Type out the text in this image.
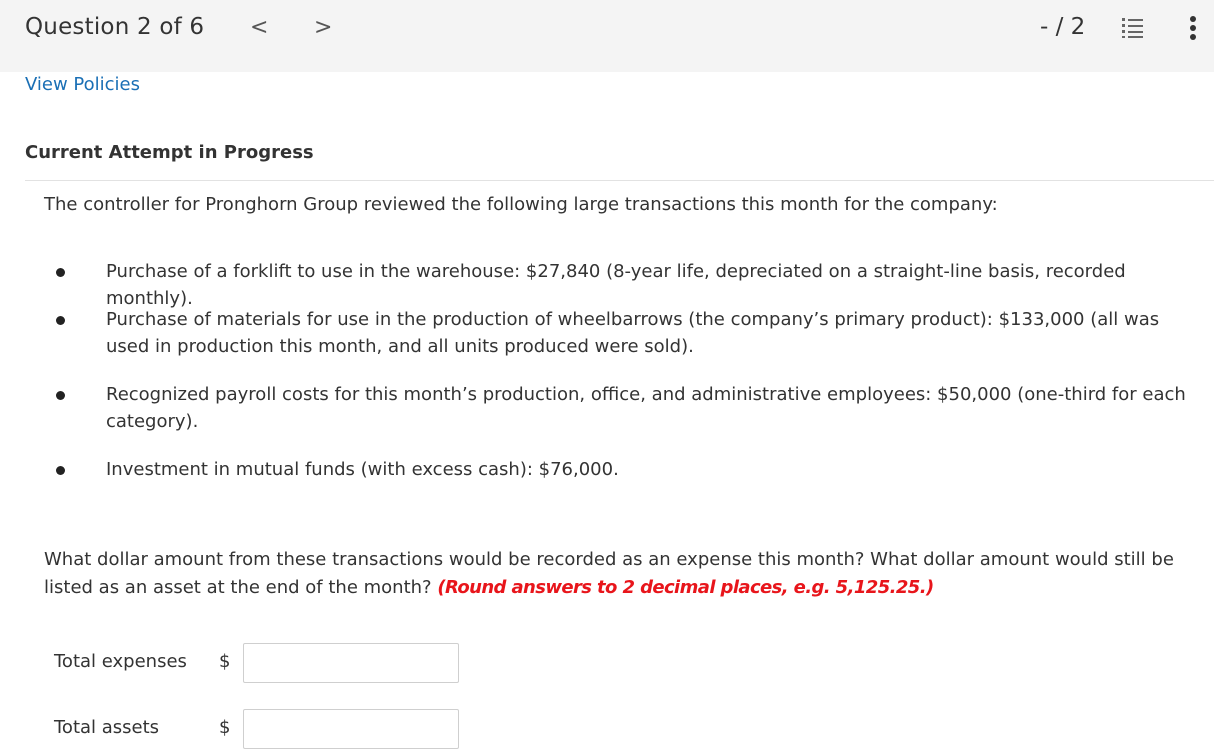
Question 2 of 6 < >	- / 2
View Policies
Current Attempt in Progress

The controller for Pronghorn Group reviewed the following large transactions this month for the company:

Purchase of a forklift to use in the warehouse: $27,840 (8-year life, depreciated on a straight-line basis, recorded monthly).
Purchase of materials for use in the production of wheelbarrows (the company’s primary product): $133,000 (all was used in production this month, and all units produced were sold).
Recognized payroll costs for this month’s production, office, and administrative employees: $50,000 (one-third for each category).
Investment in mutual funds (with excess cash): $76,000.

What dollar amount from these transactions would be recorded as an expense this month? What dollar amount would still be listed as an asset at the end of the month? (Round answers to 2 decimal places, e.g. 5,125.25.)

Total expenses $
Total assets	$
